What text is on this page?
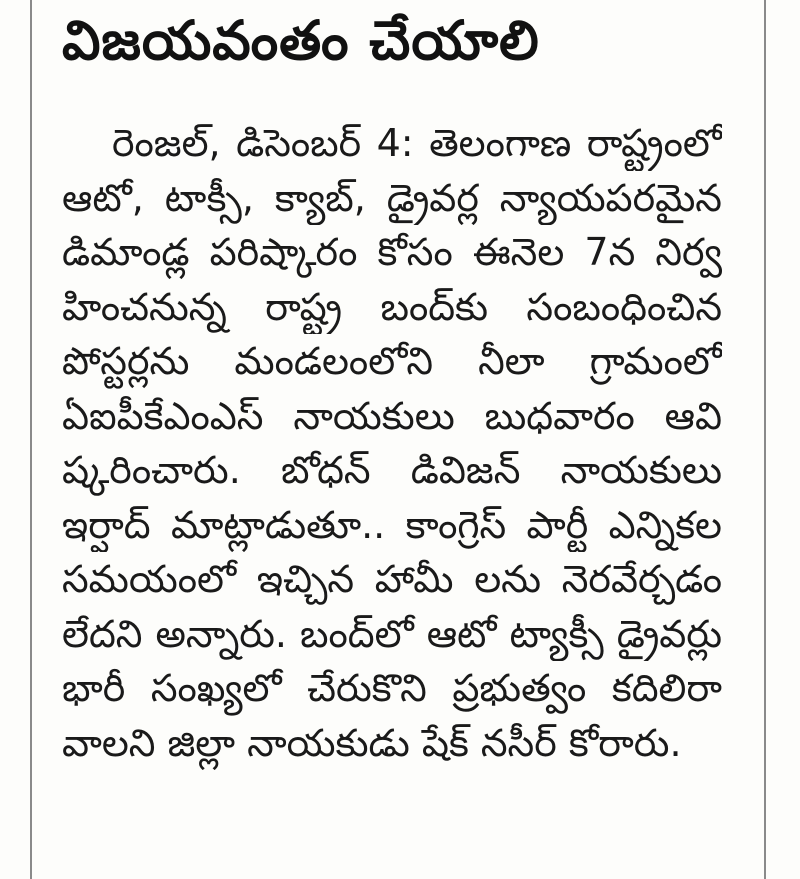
విజయవంతం చేయాలి
రెంజల్, డిసెంబర్ 4: తెలంగాణ రాష్ట్రంలో
ఆటో, టాక్సీ, క్యాబ్, డ్రైవర్ల న్యాయపరమైన
డిమాండ్ల పరిష్కారం కోసం ఈనెల 7న నిర్వ
హించనున్న రాష్ట్ర బంద్‌కు సంబంధించిన
పోస్టర్లను మండలంలోని నీలా గ్రామంలో
ఏఐపీకేఎంఎస్ నాయకులు బుధవారం ఆవి
ష్కరించారు. బోధన్ డివిజన్ నాయకులు
ఇర్షాద్ మాట్లాడుతూ.. కాంగ్రెస్ పార్టీ ఎన్నికల
సమయంలో ఇచ్చిన హామీ లను నెరవేర్చడం
లేదని అన్నారు. బంద్‌లో ఆటో ట్యాక్సీ డ్రైవర్లు
భారీ సంఖ్యలో చేరుకొని ప్రభుత్వం కదిలిరా
వాలని జిల్లా నాయకుడు షేక్ నసీర్ కోరారు.
